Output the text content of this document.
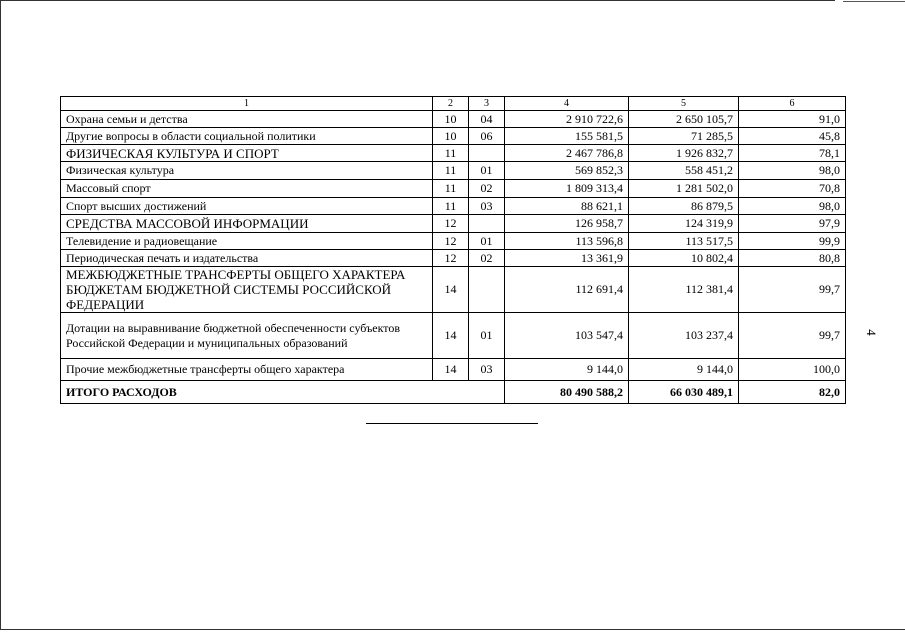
1	2	3	4	5	6
Охрана семьи и детства	10	04	2 910 722,6	2 650 105,7	91,0
Другие вопросы в области социальной политики	10	06	155 581,5	71 285,5	45,8
ФИЗИЧЕСКАЯ КУЛЬТУРА И СПОРТ	11		2 467 786,8	1 926 832,7	78,1
Физическая культура	11	01	569 852,3	558 451,2	98,0
Массовый спорт	11	02	1 809 313,4	1 281 502,0	70,8
Спорт высших достижений	11	03	88 621,1	86 879,5	98,0
СРЕДСТВА МАССОВОЙ ИНФОРМАЦИИ	12		126 958,7	124 319,9	97,9
Телевидение и радиовещание	12	01	113 596,8	113 517,5	99,9
Периодическая печать и издательства	12	02	13 361,9	10 802,4	80,8
МЕЖБЮДЖЕТНЫЕ ТРАНСФЕРТЫ ОБЩЕГО ХАРАКТЕРА БЮДЖЕТАМ БЮДЖЕТНОЙ СИСТЕМЫ РОССИЙСКОЙ ФЕДЕРАЦИИ	14		112 691,4	112 381,4	99,7
Дотации на выравнивание бюджетной обеспеченности субъектов Российской Федерации и муниципальных образований	14	01	103 547,4	103 237,4	99,7
Прочие межбюджетные трансферты общего характера	14	03	9 144,0	9 144,0	100,0
ИТОГО РАСХОДОВ			80 490 588,2	66 030 489,1	82,0
4
